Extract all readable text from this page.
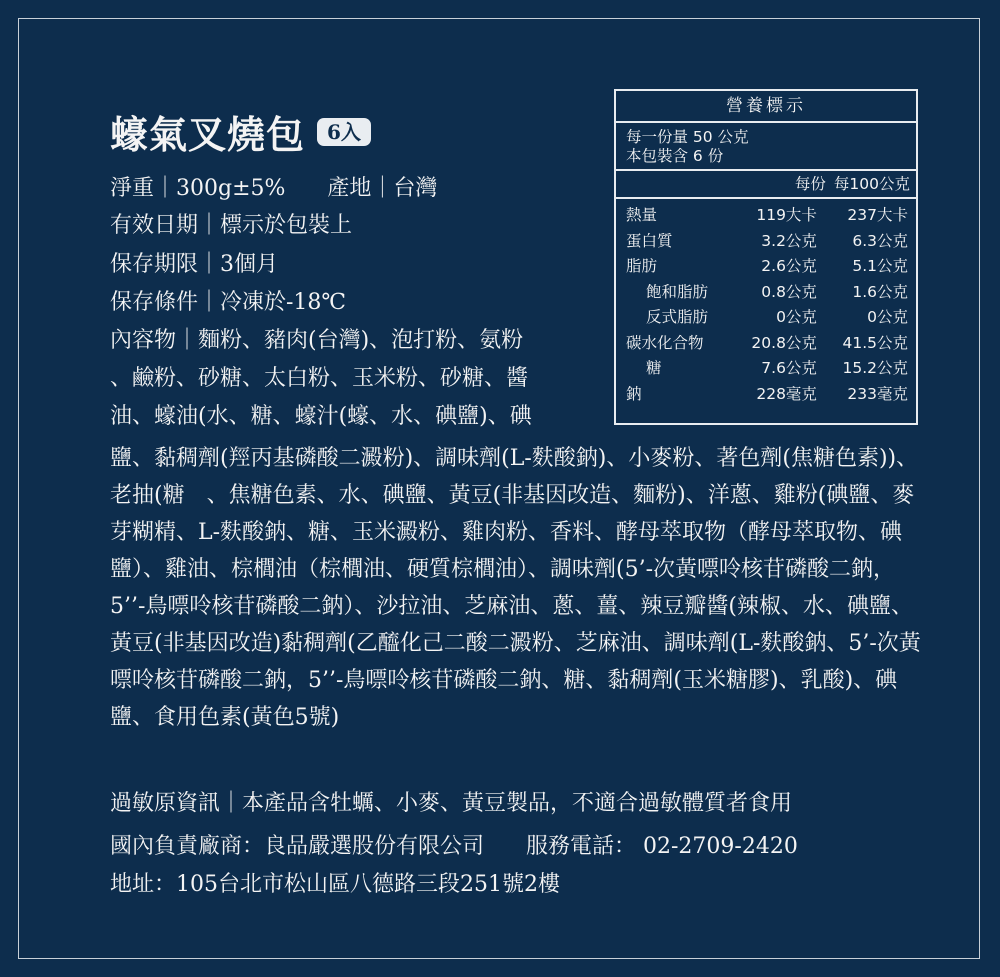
蠔氣叉燒包	6入
淨重｜300g±5% 產地｜台灣
有效日期｜標示於包裝上
保存期限｜3個月
保存條件｜冷凍於-18℃
內容物｜麵粉、豬肉(台灣)、泡打粉、氨粉
、鹼粉、砂糖、太白粉、玉米粉、砂糖、醬
油、蠔油(水、糖、蠔汁(蠔、水、碘鹽)、碘
鹽、黏稠劑(羥丙基磷酸二澱粉)、調味劑(L-麩酸鈉)、小麥粉、著色劑(焦糖色素))、老抽(糖　、焦糖色素、水、碘鹽、黃豆(非基因改造、麵粉)、洋蔥、雞粉(碘鹽、麥芽糊精、L-麩酸鈉、糖、玉米澱粉、雞肉粉、香料、酵母萃取物（酵母萃取物、碘鹽）、雞油、棕櫚油（棕櫚油、硬質棕櫚油）、調味劑(5’-次黃嘌呤核苷磷酸二鈉，5’’-鳥嘌呤核苷磷酸二鈉）、沙拉油、芝麻油、蔥、薑、辣豆瓣醬(辣椒、水、碘鹽、黃豆(非基因改造)黏稠劑(乙醯化己二酸二澱粉、芝麻油、調味劑(L-麩酸鈉、5’-次黃嘌呤核苷磷酸二鈉，5’’-鳥嘌呤核苷磷酸二鈉、糖、黏稠劑(玉米糖膠)、乳酸)、碘鹽、食用色素(黃色5號)
過敏原資訊｜本產品含牡蠣、小麥、黃豆製品，不適合過敏體質者食用
國內負責廠商：良品嚴選股份有限公司 服務電話： 02-2709-2420
地址：105台北市松山區八德路三段251號2樓
營養標示
每一份量 50 公克
本包裝含 6 份
每份 每100公克
熱量	119大卡	237大卡
蛋白質	3.2公克	6.3公克
脂肪	2.6公克	5.1公克
飽和脂肪	0.8公克	1.6公克
反式脂肪	0公克	0公克
碳水化合物	20.8公克	41.5公克
糖	7.6公克	15.2公克
鈉	228毫克	233毫克
